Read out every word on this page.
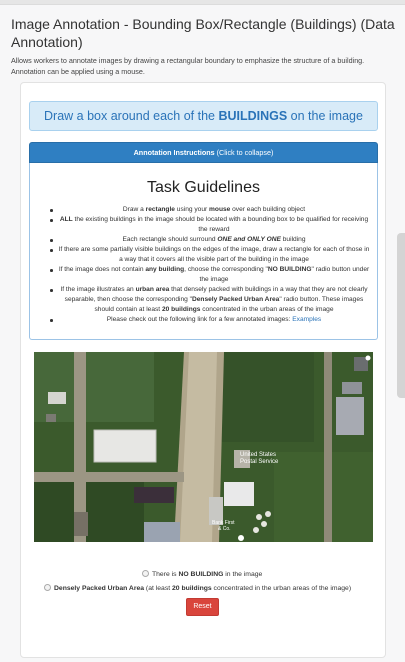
Image Annotation - Bounding Box/Rectangle (Buildings) (Data Annotation)

Allows workers to annotate images by drawing a rectangular boundary to emphasize the structure of a building. Annotation can be applied using a mouse.

Draw a box around each of the BUILDINGS on the image
Annotation Instructions (Click to collapse)
Task Guidelines
Draw a rectangle using your mouse over each building object
ALL the existing buildings in the image should be located with a bounding box to be qualified for receiving the reward
Each rectangle should surround ONE and ONLY ONE building
If there are some partially visible buildings on the edges of the image, draw a rectangle for each of those in a way that it covers all the visible part of the building in the image
If the image does not contain any building, choose the corresponding "NO BUILDING" radio button under the image
If the image illustrates an urban area that densely packed with buildings in a way that they are not clearly separable, then choose the corresponding "Densely Packed Urban Area" radio button. These images should contain at least 20 buildings concentrated in the urban areas of the image
Please check out the following link for a few annotated images: Examples
United States
Postal Service
Bank First
& Co.
There is NO BUILDING in the image
Densely Packed Urban Area (at least 20 buildings concentrated in the urban areas of the image)
Reset
